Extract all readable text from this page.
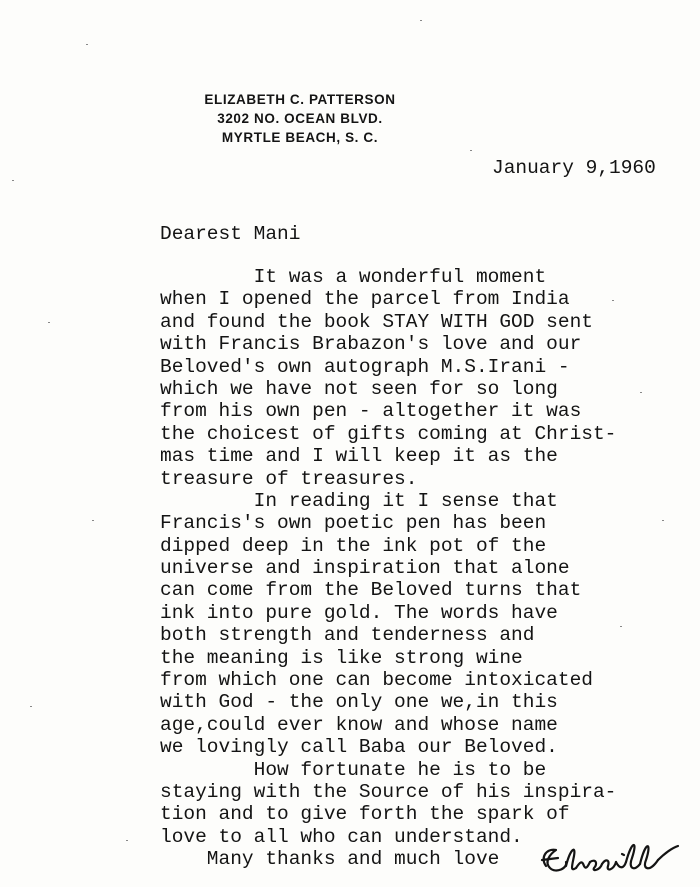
ELIZABETH C. PATTERSON
3202 NO. OCEAN BLVD.
MYRTLE BEACH, S. C.
January 9,1960
Dearest Mani
It was a wonderful moment
when I opened the parcel from India
and found the book STAY WITH GOD sent
with Francis Brabazon's love and our
Beloved's own autograph M.S.Irani -
which we have not seen for so long
from his own pen - altogether it was
the choicest of gifts coming at Christ-
mas time and I will keep it as the
treasure of treasures.
In reading it I sense that
Francis's own poetic pen has been
dipped deep in the ink pot of the
universe and inspiration that alone
can come from the Beloved turns that
ink into pure gold. The words have
both strength and tenderness and
the meaning is like strong wine
from which one can become intoxicated
with God - the only one we,in this
age,could ever know and whose name
we lovingly call Baba our Beloved.
How fortunate he is to be
staying with the Source of his inspira-
tion and to give forth the spark of
love to all who can understand.
Many thanks and much love
